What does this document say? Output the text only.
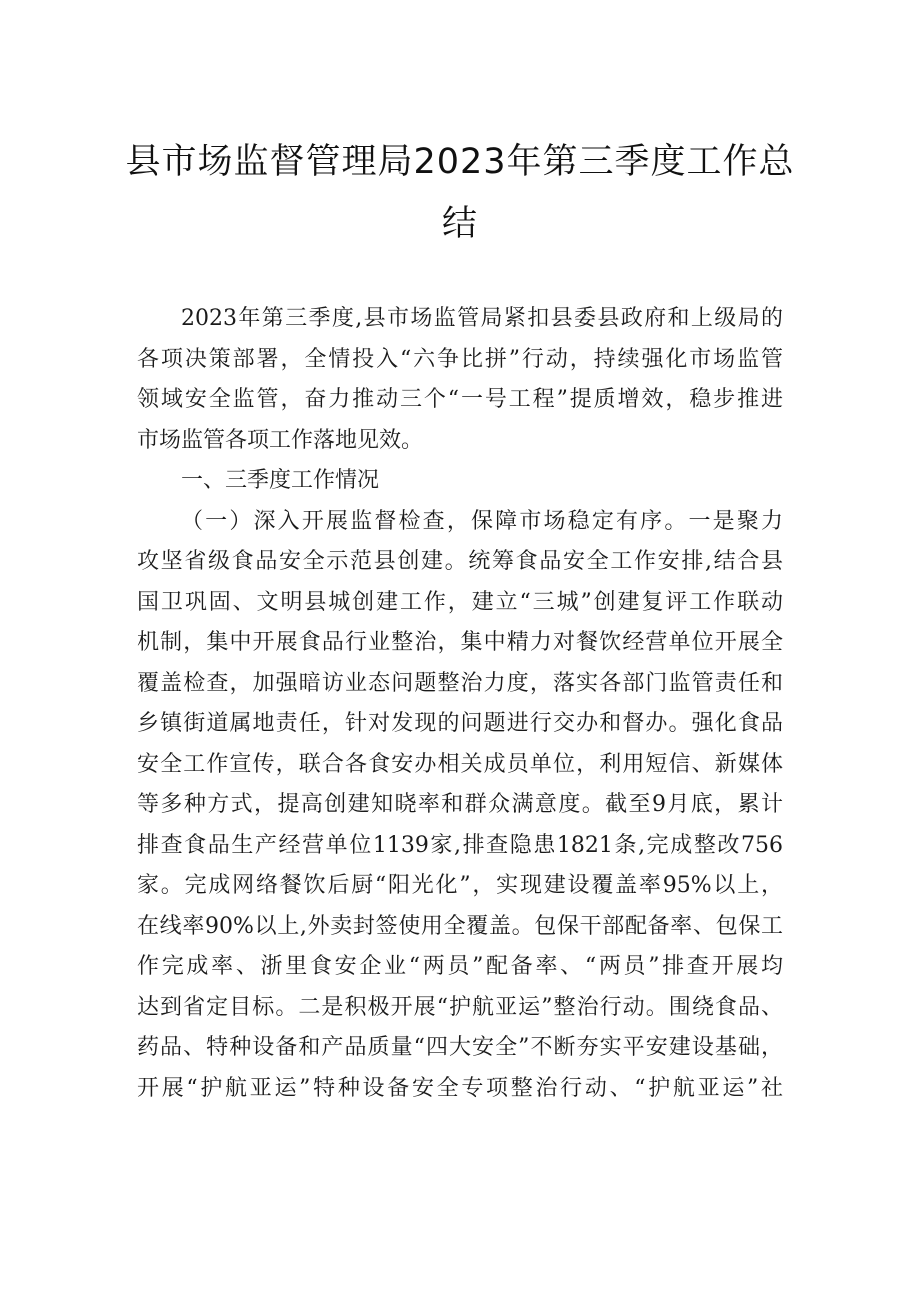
县市场监督管理局2023年第三季度工作总
结

2023年第三季度,县市场监管局紧扣县委县政府和上级局的
各项决策部署，全情投入“六争比拼”行动，持续强化市场监管
领域安全监管，奋力推动三个“一号工程”提质增效，稳步推进
市场监管各项工作落地见效。

一、三季度工作情况

（一）深入开展监督检查，保障市场稳定有序。一是聚力
攻坚省级食品安全示范县创建。统筹食品安全工作安排,结合县
国卫巩固、文明县城创建工作，建立“三城”创建复评工作联动
机制，集中开展食品行业整治，集中精力对餐饮经营单位开展全
覆盖检查，加强暗访业态问题整治力度，落实各部门监管责任和
乡镇街道属地责任，针对发现的问题进行交办和督办。强化食品
安全工作宣传，联合各食安办相关成员单位，利用短信、新媒体
等多种方式，提高创建知晓率和群众满意度。截至9月底，累计
排查食品生产经营单位1139家,排查隐患1821条,完成整改756
家。完成网络餐饮后厨“阳光化”，实现建设覆盖率95%以上，
在线率90%以上,外卖封签使用全覆盖。包保干部配备率、包保工
作完成率、浙里食安企业“两员”配备率、“两员”排查开展均
达到省定目标。二是积极开展“护航亚运”整治行动。围绕食品、
药品、特种设备和产品质量“四大安全”不断夯实平安建设基础，
开展“护航亚运”特种设备安全专项整治行动、“护航亚运”社
